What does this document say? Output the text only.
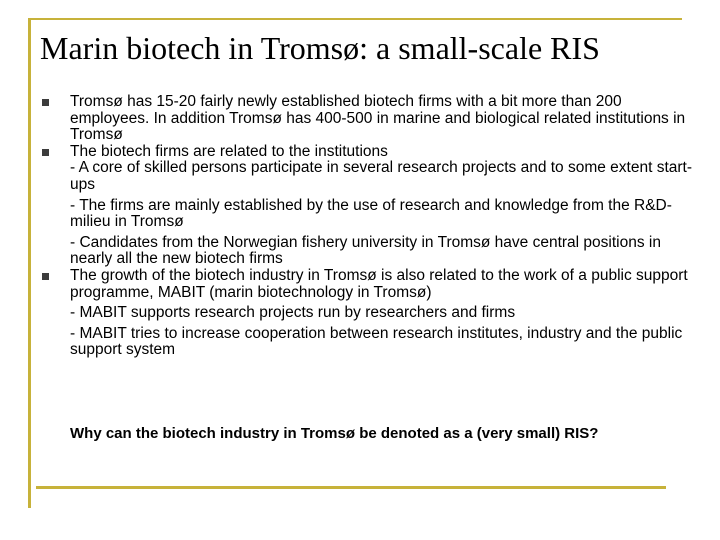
Marin biotech in Tromsø: a small-scale RIS
Tromsø has 15-20 fairly newly established biotech firms with a bit more than 200 employees. In addition Tromsø has 400-500 in marine and biological related institutions in Tromsø
The biotech firms are related to the institutions
- A core of skilled persons participate in several research projects and to some extent start-ups
- The firms are mainly established by the use of research and knowledge from the R&D-milieu in Tromsø
- Candidates from the Norwegian fishery university in Tromsø have central positions in nearly all the new biotech firms
The growth of the biotech industry in Tromsø is also related to the work of a public support programme, MABIT (marin biotechnology in Tromsø)
- MABIT supports research projects run by researchers and firms
- MABIT tries to increase cooperation between research institutes, industry and the public support system
Why can the biotech industry in Tromsø be denoted as a (very small) RIS?
